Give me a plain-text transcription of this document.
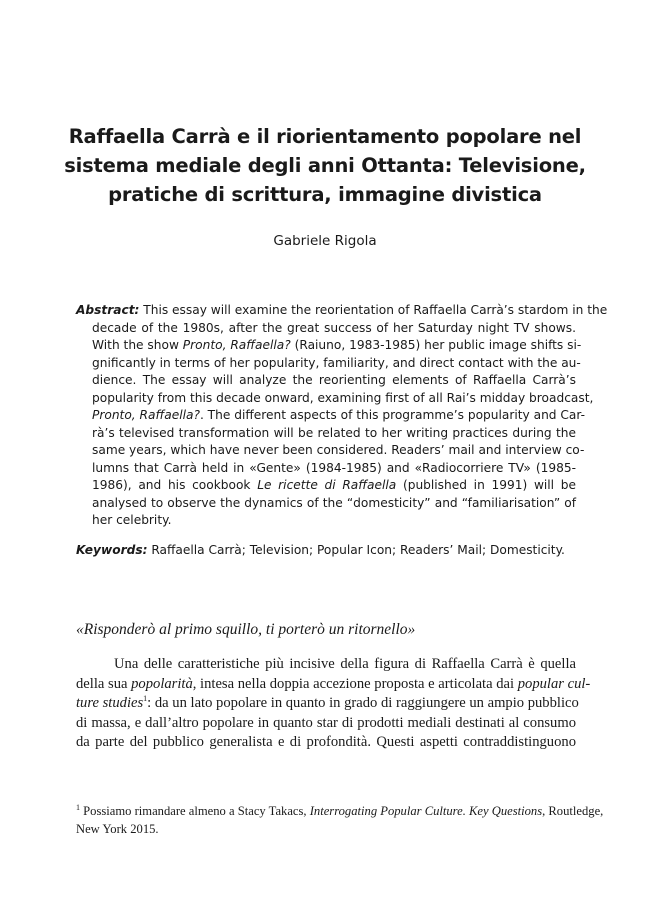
Raffaella Carrà e il riorientamento popolare nel
sistema mediale degli anni Ottanta: Televisione,
pratiche di scrittura, immagine divistica
Gabriele Rigola
Abstract: This essay will examine the reorientation of Raffaella Carrà’s stardom in the
decade of the 1980s, after the great success of her Saturday night TV shows.
With the show Pronto, Raffaella? (Raiuno, 1983-1985) her public image shifts si-
gnificantly in terms of her popularity, familiarity, and direct contact with the au-
dience. The essay will analyze the reorienting elements of Raffaella Carrà’s
popularity from this decade onward, examining first of all Rai’s midday broadcast,
Pronto, Raffaella?. The different aspects of this programme’s popularity and Car-
rà’s televised transformation will be related to her writing practices during the
same years, which have never been considered. Readers’ mail and interview co-
lumns that Carrà held in «Gente» (1984-1985) and «Radiocorriere TV» (1985-
1986), and his cookbook Le ricette di Raffaella (published in 1991) will be
analysed to observe the dynamics of the “domesticity” and “familiarisation” of
her celebrity.
Keywords: Raffaella Carrà; Television; Popular Icon; Readers’ Mail; Domesticity.
«Risponderò al primo squillo, ti porterò un ritornello»
Una delle caratteristiche più incisive della figura di Raffaella Carrà è quella
della sua popolarità, intesa nella doppia accezione proposta e articolata dai popular cul-
ture studies$^1$: da un lato popolare in quanto in grado di raggiungere un ampio pubblico
di massa, e dall’altro popolare in quanto star di prodotti mediali destinati al consumo
da parte del pubblico generalista e di profondità. Questi aspetti contraddistinguono
$^1$ Possiamo rimandare almeno a Stacy Takacs, Interrogating Popular Culture. Key Questions, Routledge,
New York 2015.
